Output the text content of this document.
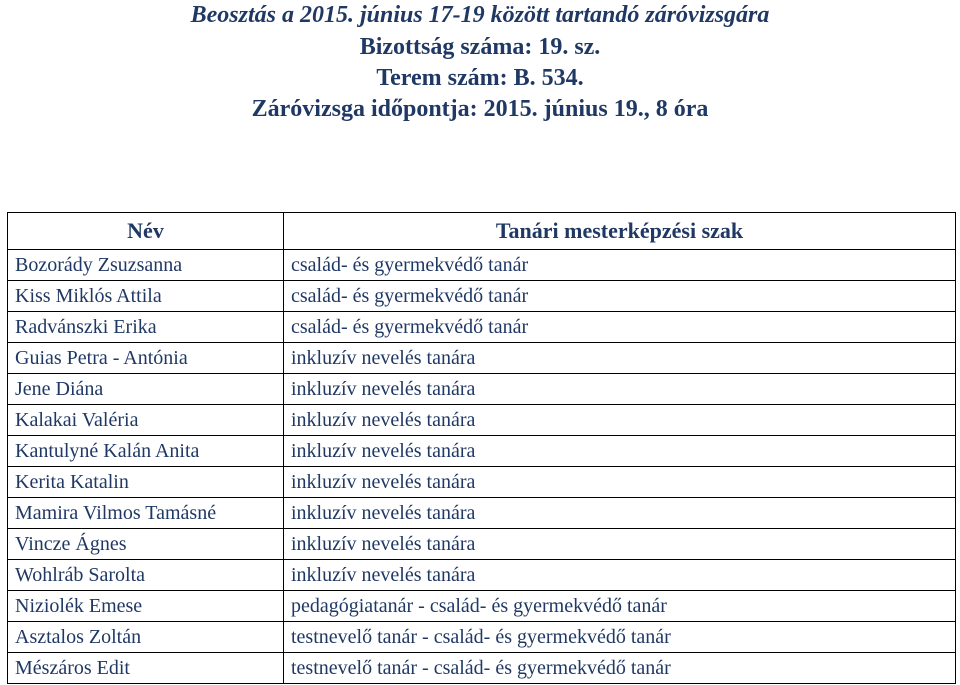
Beosztás a 2015. június 17-19 között tartandó záróvizsgára
Bizottság száma: 19. sz.
Terem szám: B. 534.
Záróvizsga időpontja: 2015. június 19., 8 óra
Név	Tanári mesterképzési szak
Bozorády Zsuzsanna	család- és gyermekvédő tanár
Kiss Miklós Attila	család- és gyermekvédő tanár
Radvánszki Erika	család- és gyermekvédő tanár
Guias Petra - Antónia	inkluzív nevelés tanára
Jene Diána	inkluzív nevelés tanára
Kalakai Valéria	inkluzív nevelés tanára
Kantulyné Kalán Anita	inkluzív nevelés tanára
Kerita Katalin	inkluzív nevelés tanára
Mamira Vilmos Tamásné	inkluzív nevelés tanára
Vincze Ágnes	inkluzív nevelés tanára
Wohlráb Sarolta	inkluzív nevelés tanára
Niziolék Emese	pedagógiatanár - család- és gyermekvédő tanár
Asztalos Zoltán	testnevelő tanár - család- és gyermekvédő tanár
Mészáros Edit	testnevelő tanár - család- és gyermekvédő tanár
